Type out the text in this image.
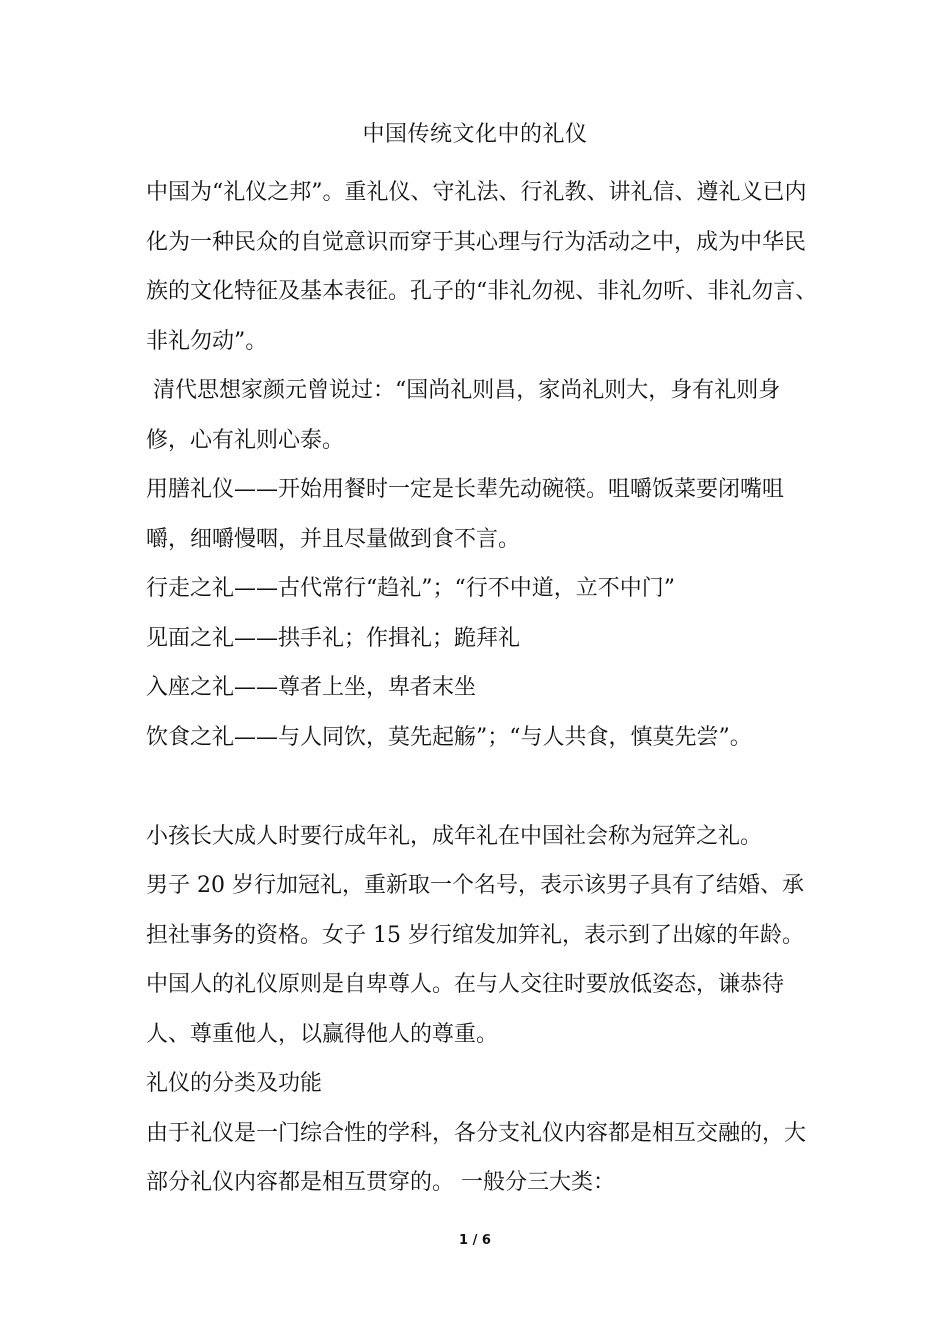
中国传统文化中的礼仪

中国为“礼仪之邦”。重礼仪、守礼法、行礼教、讲礼信、遵礼义已内化为一种民众的自觉意识而穿于其心理与行为活动之中，成为中华民族的文化特征及基本表征。孔子的“非礼勿视、非礼勿听、非礼勿言、非礼勿动”。

清代思想家颜元曾说过：“国尚礼则昌，家尚礼则大，身有礼则身修，心有礼则心泰。

用膳礼仪——开始用餐时一定是长辈先动碗筷。咀嚼饭菜要闭嘴咀嚼，细嚼慢咽，并且尽量做到食不言。

行走之礼——古代常行“趋礼”；“行不中道，立不中门”

见面之礼——拱手礼；作揖礼；跪拜礼

入座之礼——尊者上坐，卑者末坐

饮食之礼——与人同饮，莫先起觞”；“与人共食，慎莫先尝”。

小孩长大成人时要行成年礼，成年礼在中国社会称为冠笄之礼。

男子 20 岁行加冠礼，重新取一个名号，表示该男子具有了结婚、承担社事务的资格。女子 15 岁行绾发加笄礼，表示到了出嫁的年龄。

中国人的礼仪原则是自卑尊人。在与人交往时要放低姿态，谦恭待人、尊重他人，以赢得他人的尊重。

礼仪的分类及功能

由于礼仪是一门综合性的学科，各分支礼仪内容都是相互交融的，大部分礼仪内容都是相互贯穿的。 一般分三大类：

1 / 6
